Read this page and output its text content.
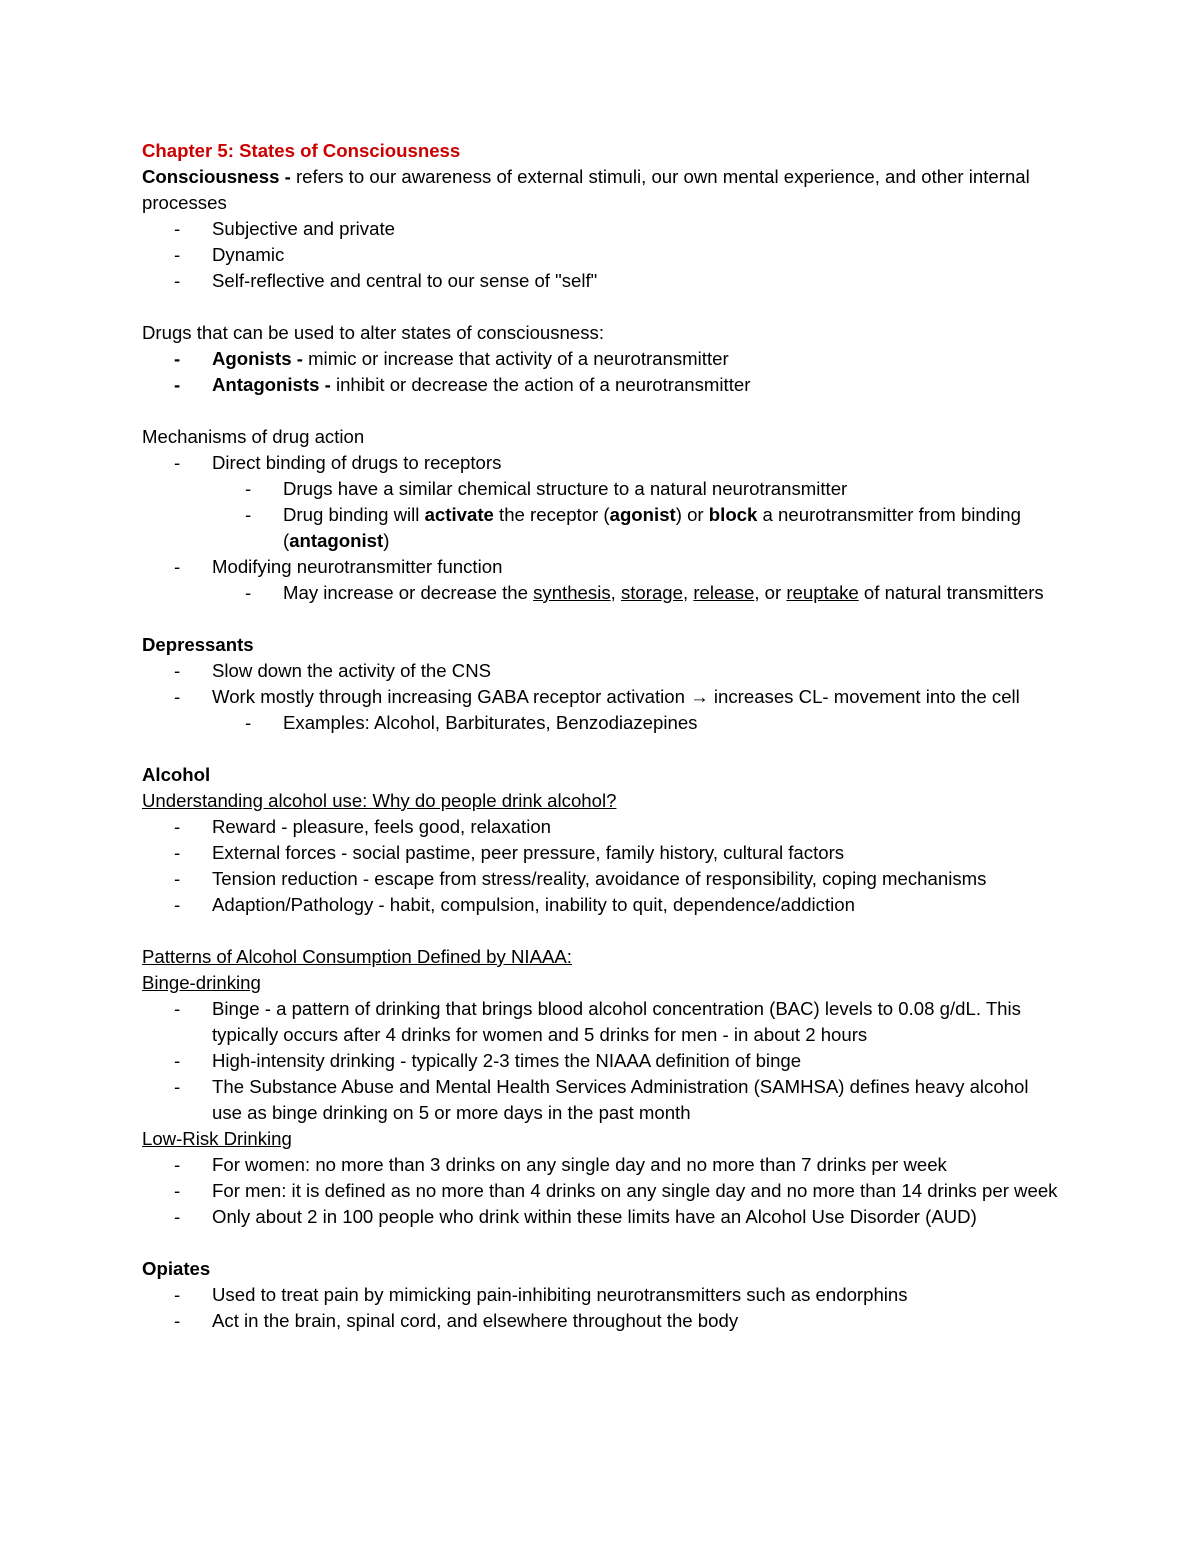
Chapter 5: States of Consciousness
Consciousness - refers to our awareness of external stimuli, our own mental experience, and other internal processes
-	Subjective and private
-	Dynamic
-	Self-reflective and central to our sense of "self"
Drugs that can be used to alter states of consciousness:
-	Agonists - mimic or increase that activity of a neurotransmitter
-	Antagonists - inhibit or decrease the action of a neurotransmitter
Mechanisms of drug action
-	Direct binding of drugs to receptors
-	Drugs have a similar chemical structure to a natural neurotransmitter
-	Drug binding will activate the receptor (agonist) or block a neurotransmitter from binding (antagonist)
-	Modifying neurotransmitter function
-	May increase or decrease the synthesis, storage, release, or reuptake of natural transmitters
Depressants
-	Slow down the activity of the CNS
-	Work mostly through increasing GABA receptor activation → increases CL- movement into the cell
-	Examples: Alcohol, Barbiturates, Benzodiazepines
Alcohol
Understanding alcohol use: Why do people drink alcohol?
-	Reward - pleasure, feels good, relaxation
-	External forces - social pastime, peer pressure, family history, cultural factors
-	Tension reduction - escape from stress/reality, avoidance of responsibility, coping mechanisms
-	Adaption/Pathology - habit, compulsion, inability to quit, dependence/addiction
Patterns of Alcohol Consumption Defined by NIAAA:
Binge-drinking
-	Binge - a pattern of drinking that brings blood alcohol concentration (BAC) levels to 0.08 g/dL. This typically occurs after 4 drinks for women and 5 drinks for men - in about 2 hours
-	High-intensity drinking - typically 2-3 times the NIAAA definition of binge
-	The Substance Abuse and Mental Health Services Administration (SAMHSA) defines heavy alcohol use as binge drinking on 5 or more days in the past month
Low-Risk Drinking
-	For women: no more than 3 drinks on any single day and no more than 7 drinks per week
-	For men: it is defined as no more than 4 drinks on any single day and no more than 14 drinks per week
-	Only about 2 in 100 people who drink within these limits have an Alcohol Use Disorder (AUD)
Opiates
-	Used to treat pain by mimicking pain-inhibiting neurotransmitters such as endorphins
-	Act in the brain, spinal cord, and elsewhere throughout the body
